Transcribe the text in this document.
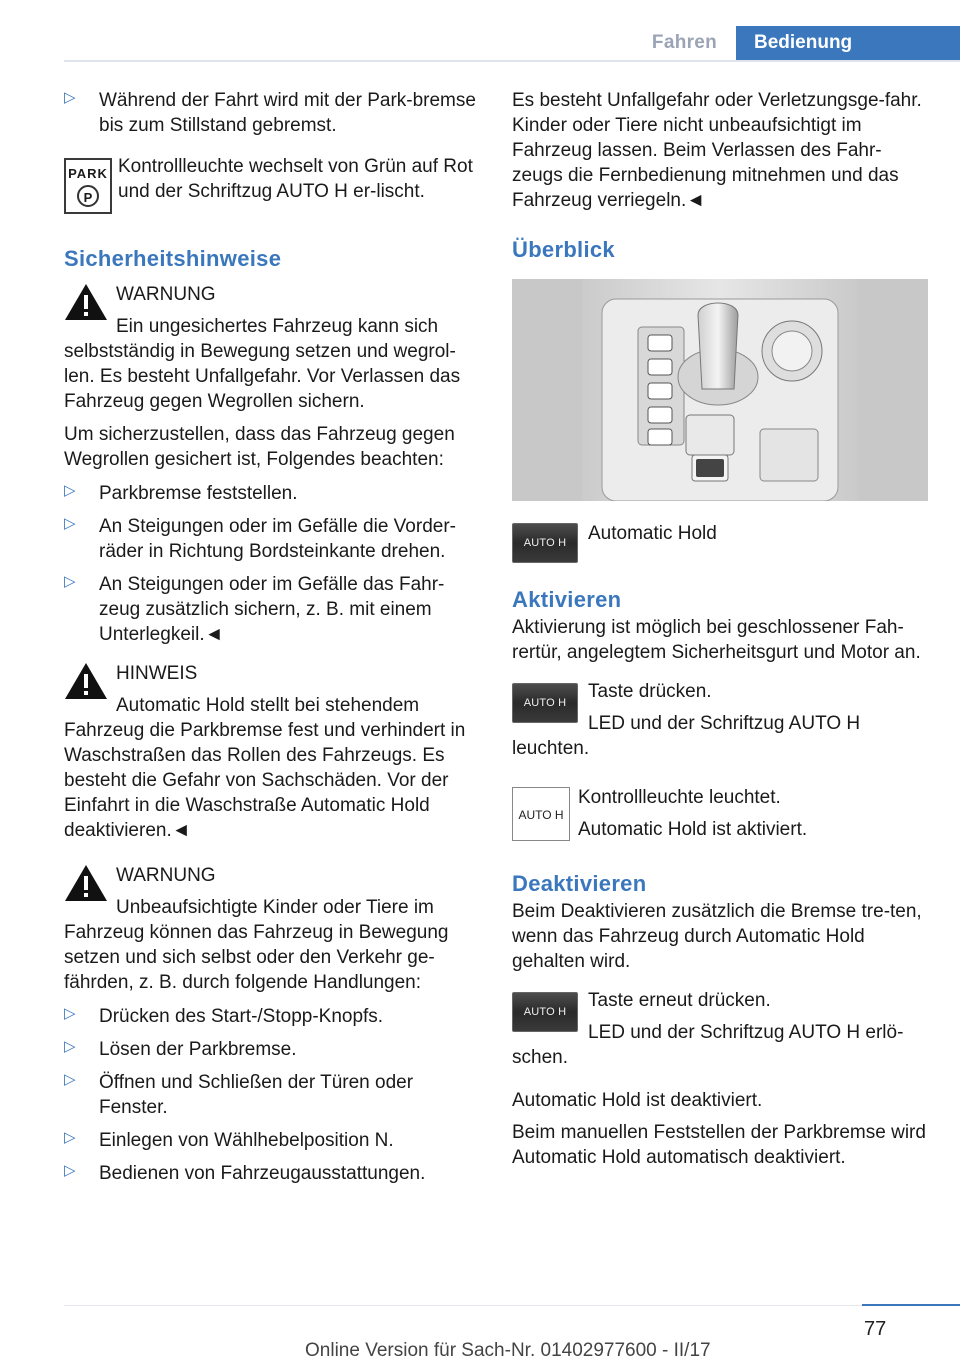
Fahren	Bedienung
▷ Während der Fahrt wird mit der Park-bremse bis zum Stillstand gebremst.

PARK
P

Kontrollleuchte wechselt von Grün auf Rot und der Schriftzug AUTO H er-lischt.

Sicherheitshinweise

WARNUNG

Ein ungesichertes Fahrzeug kann sich selbstständig in Bewegung setzen und wegrol-len. Es besteht Unfallgefahr. Vor Verlassen das Fahrzeug gegen Wegrollen sichern.

Um sicherzustellen, dass das Fahrzeug gegen Wegrollen gesichert ist, Folgendes beachten:

▷ Parkbremse feststellen.

▷ An Steigungen oder im Gefälle die Vorder-räder in Richtung Bordsteinkante drehen.

▷ An Steigungen oder im Gefälle das Fahr-zeug zusätzlich sichern, z. B. mit einem Unterlegkeil.◄

HINWEIS

Automatic Hold stellt bei stehendem Fahrzeug die Parkbremse fest und verhindert in Waschstraßen das Rollen des Fahrzeugs. Es besteht die Gefahr von Sachschäden. Vor der Einfahrt in die Waschstraße Automatic Hold deaktivieren.◄

WARNUNG

Unbeaufsichtigte Kinder oder Tiere im Fahrzeug können das Fahrzeug in Bewegung setzen und sich selbst oder den Verkehr ge-fährden, z. B. durch folgende Handlungen:

▷ Drücken des Start-/Stopp-Knopfs.

▷ Lösen der Parkbremse.

▷ Öffnen und Schließen der Türen oder Fenster.

▷ Einlegen von Wählhebelposition N.

▷ Bedienen von Fahrzeugausstattungen.

Es besteht Unfallgefahr oder Verletzungsge-fahr. Kinder oder Tiere nicht unbeaufsichtigt im Fahrzeug lassen. Beim Verlassen des Fahr-zeugs die Fernbedienung mitnehmen und das Fahrzeug verriegeln.◄

Überblick
AUTO H	Automatic Hold

Aktivieren

Aktivierung ist möglich bei geschlossener Fah-rertür, angelegtem Sicherheitsgurt und Motor an.

AUTO H

Taste drücken.

LED und der Schriftzug AUTO H leuchten.

AUTO H

Kontrollleuchte leuchtet.

Automatic Hold ist aktiviert.

Deaktivieren

Beim Deaktivieren zusätzlich die Bremse tre-ten, wenn das Fahrzeug durch Automatic Hold gehalten wird.

AUTO H

Taste erneut drücken.

LED und der Schriftzug AUTO H erlö-schen.

Automatic Hold ist deaktiviert.

Beim manuellen Feststellen der Parkbremse wird Automatic Hold automatisch deaktiviert.

77
Online Version für Sach-Nr. 01402977600 - II/17
